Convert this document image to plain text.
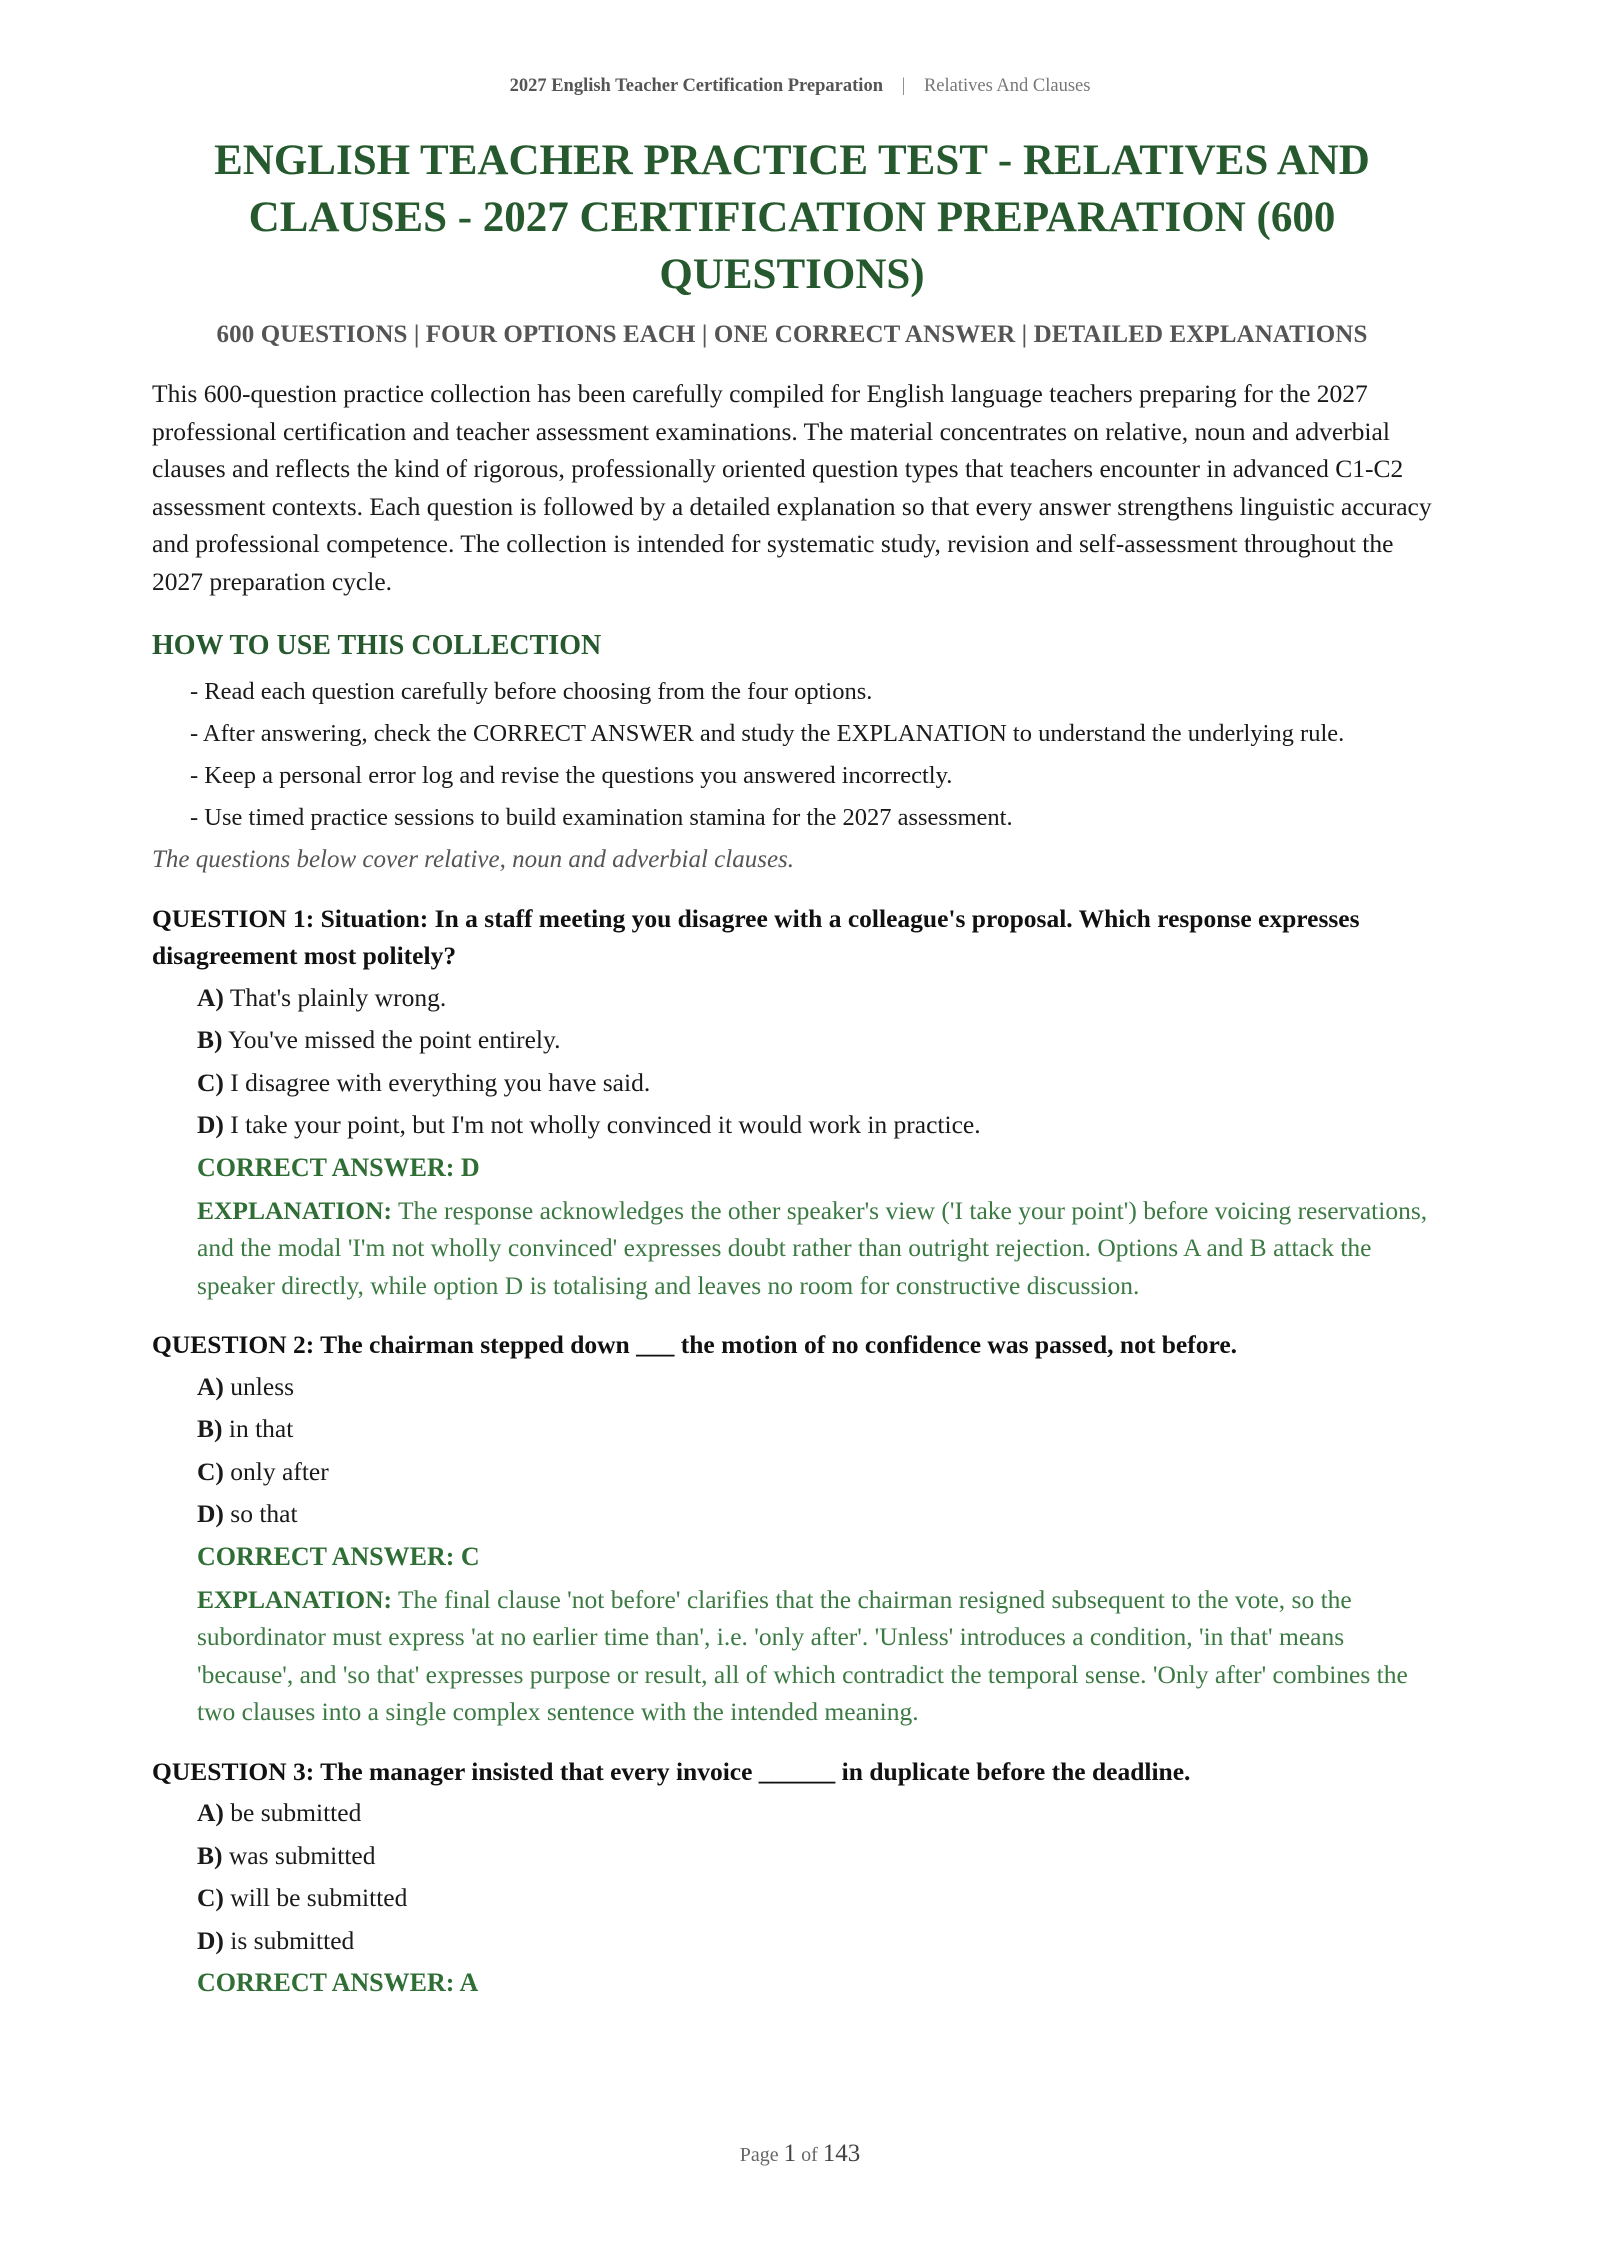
2027 English Teacher Certification Preparation | Relatives And Clauses
ENGLISH TEACHER PRACTICE TEST - RELATIVES AND CLAUSES - 2027 CERTIFICATION PREPARATION (600 QUESTIONS)
600 QUESTIONS | FOUR OPTIONS EACH | ONE CORRECT ANSWER | DETAILED EXPLANATIONS

This 600-question practice collection has been carefully compiled for English language teachers preparing for the 2027 professional certification and teacher assessment examinations. The material concentrates on relative, noun and adverbial clauses and reflects the kind of rigorous, professionally oriented question types that teachers encounter in advanced C1-C2 assessment contexts. Each question is followed by a detailed explanation so that every answer strengthens linguistic accuracy and professional competence. The collection is intended for systematic study, revision and self-assessment throughout the 2027 preparation cycle.

HOW TO USE THIS COLLECTION
- Read each question carefully before choosing from the four options.
- After answering, check the CORRECT ANSWER and study the EXPLANATION to understand the underlying rule.
- Keep a personal error log and revise the questions you answered incorrectly.
- Use timed practice sessions to build examination stamina for the 2027 assessment.
The questions below cover relative, noun and adverbial clauses.
QUESTION 1: Situation: In a staff meeting you disagree with a colleague's proposal. Which response expresses disagreement most politely?
A) That's plainly wrong.
B) You've missed the point entirely.
C) I disagree with everything you have said.
D) I take your point, but I'm not wholly convinced it would work in practice.
CORRECT ANSWER: D
EXPLANATION: The response acknowledges the other speaker's view ('I take your point') before voicing reservations, and the modal 'I'm not wholly convinced' expresses doubt rather than outright rejection. Options A and B attack the speaker directly, while option D is totalising and leaves no room for constructive discussion.
QUESTION 2: The chairman stepped down ___ the motion of no confidence was passed, not before.
A) unless
B) in that
C) only after
D) so that
CORRECT ANSWER: C
EXPLANATION: The final clause 'not before' clarifies that the chairman resigned subsequent to the vote, so the subordinator must express 'at no earlier time than', i.e. 'only after'. 'Unless' introduces a condition, 'in that' means 'because', and 'so that' expresses purpose or result, all of which contradict the temporal sense. 'Only after' combines the two clauses into a single complex sentence with the intended meaning.
QUESTION 3: The manager insisted that every invoice ______ in duplicate before the deadline.
A) be submitted
B) was submitted
C) will be submitted
D) is submitted
CORRECT ANSWER: A
Page 1 of 143
